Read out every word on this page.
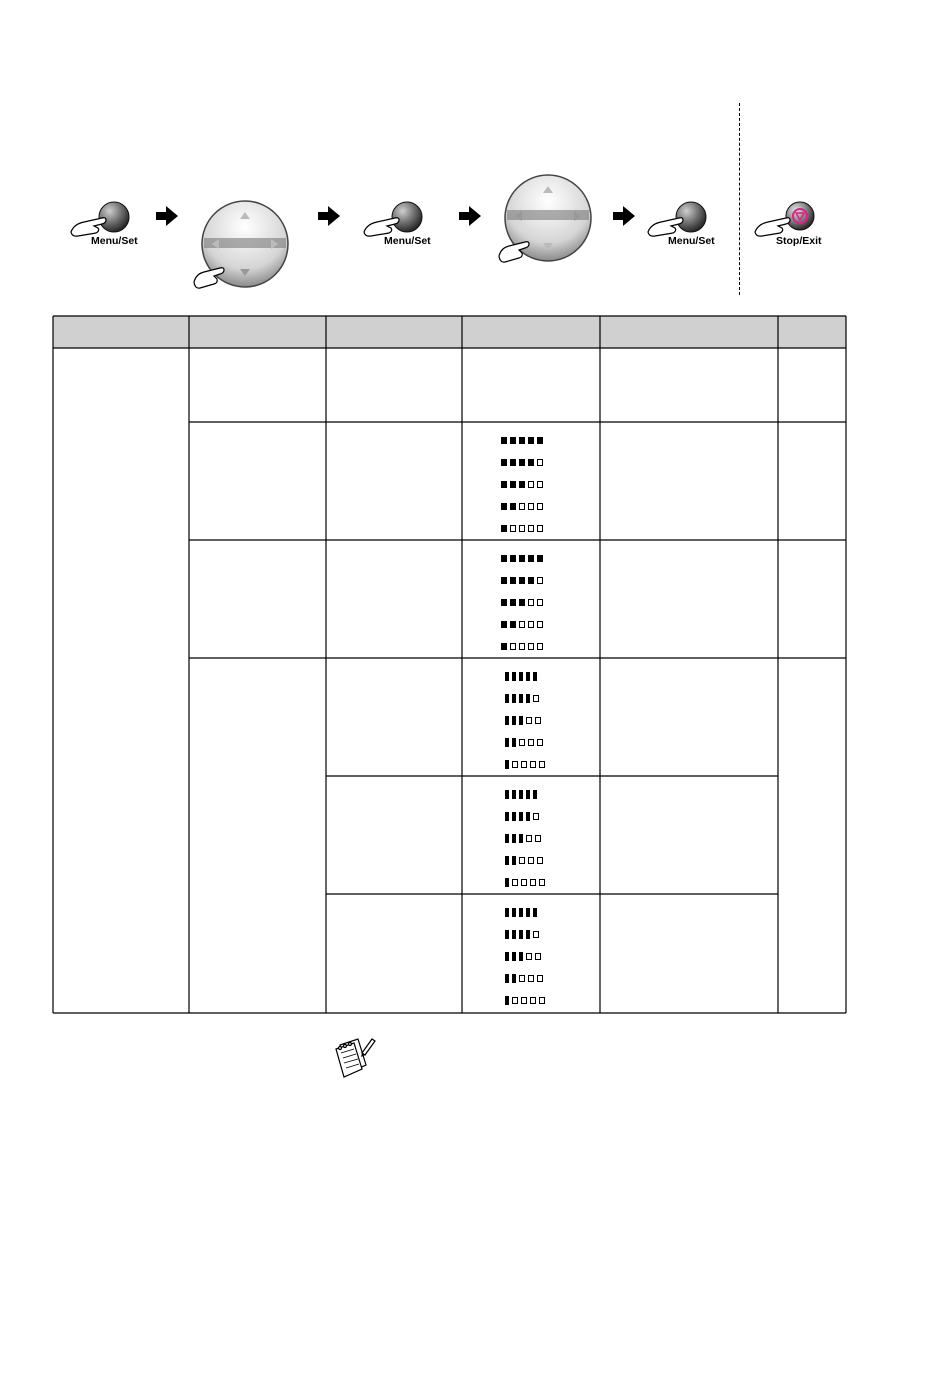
Menu/Set	Menu/Set	Menu/Set	Stop/Exit
